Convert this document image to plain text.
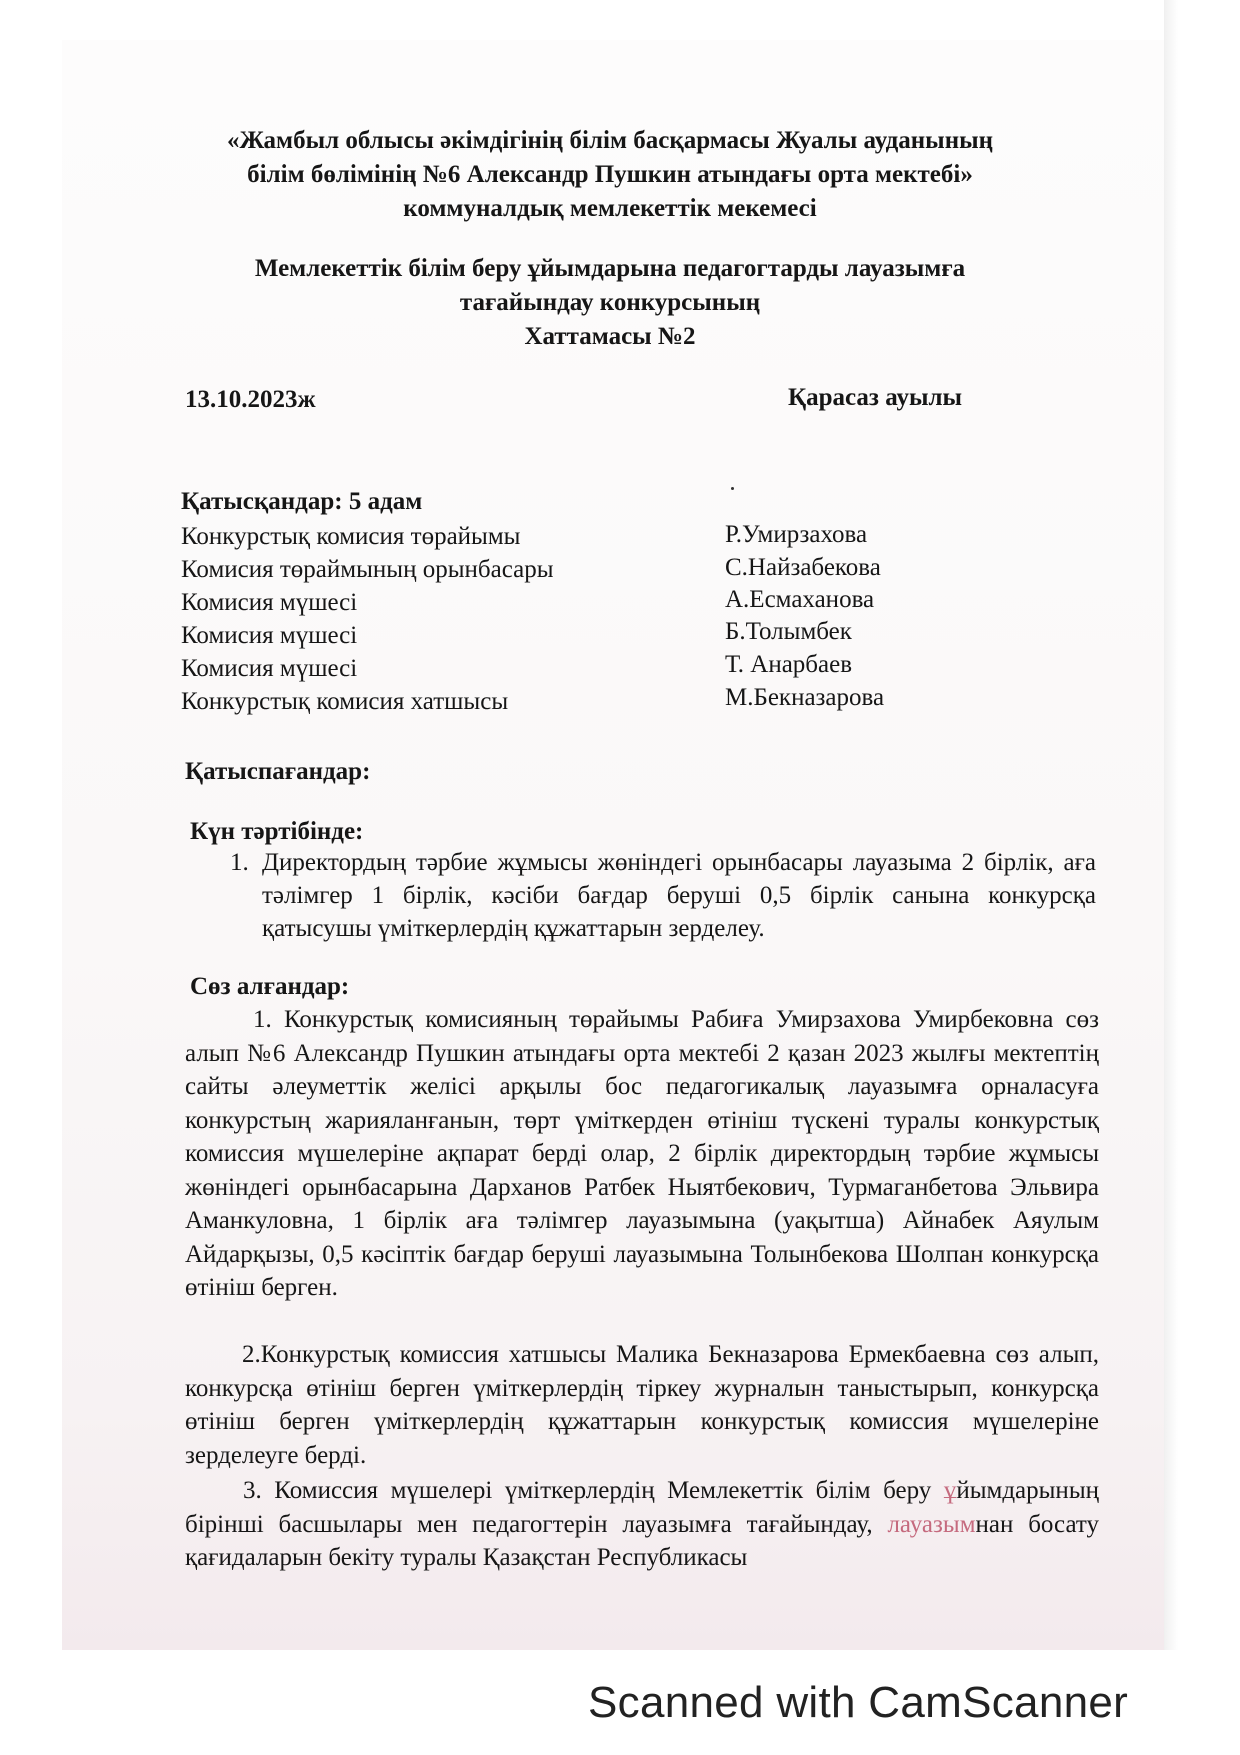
«Жамбыл облысы әкімдігінің білім басқармасы Жуалы ауданының
білім бөлімінің №6 Александр Пушкин атындағы орта мектебі»
коммуналдық мемлекеттік мекемесі
Мемлекеттік білім беру ұйымдарына педагогтарды лауазымға
тағайындау конкурсының
Хаттамасы №2
13.10.2023ж	Қарасаз ауылы
Қатысқандар: 5 адам
Конкурстық комисия төрайымы	Р.Умирзахова
Комисия төраймының орынбасары	С.Найзабекова
Комисия мүшесі	А.Есмаханова
Комисия мүшесі	Б.Толымбек
Комисия мүшесі	Т. Анарбаев
Конкурстық комисия хатшысы	М.Бекназарова
Қатыспағандар:
Күн тәртібінде:
1. Директордың тәрбие жұмысы жөніндегі орынбасары лауазыма 2 бірлік, аға тәлімгер 1 бірлік, кәсіби бағдар беруші 0,5 бірлік санына конкурсқа қатысушы үміткерлердің құжаттарын зерделеу.
Сөз алғандар:
1. Конкурстық комисияның төрайымы Рабиға Умирзахова Умирбековна сөз алып №6 Александр Пушкин атындағы орта мектебі 2 қазан 2023 жылғы мектептің сайты әлеуметтік желісі арқылы бос педагогикалық лауазымға орналасуға конкурстың жарияланғанын, төрт үміткерден өтініш түскені туралы конкурстық комиссия мүшелеріне ақпарат берді олар, 2 бірлік директордың тәрбие жұмысы жөніндегі орынбасарына Дарханов Ратбек Ныятбекович, Турмаганбетова Эльвира Аманкуловна, 1 бірлік аға тәлімгер лауазымына (уақытша) Айнабек Аяулым Айдарқызы, 0,5 кәсіптік бағдар беруші лауазымына Толынбекова Шолпан конкурсқа өтініш берген.
2.Конкурстық комиссия хатшысы Малика Бекназарова Ермекбаевна сөз алып, конкурсқа өтініш берген үміткерлердің тіркеу журналын таныстырып, конкурсқа өтініш берген үміткерлердің құжаттарын конкурстық комиссия мүшелеріне зерделеуге берді.
3. Комиссия мүшелері үміткерлердің Мемлекеттік білім беру ұйымдарының бірінші басшылары мен педагогтерін лауазымға тағайындау, лауазымнан босату қағидаларын бекіту туралы Қазақстан Республикасы
Scanned with CamScanner
